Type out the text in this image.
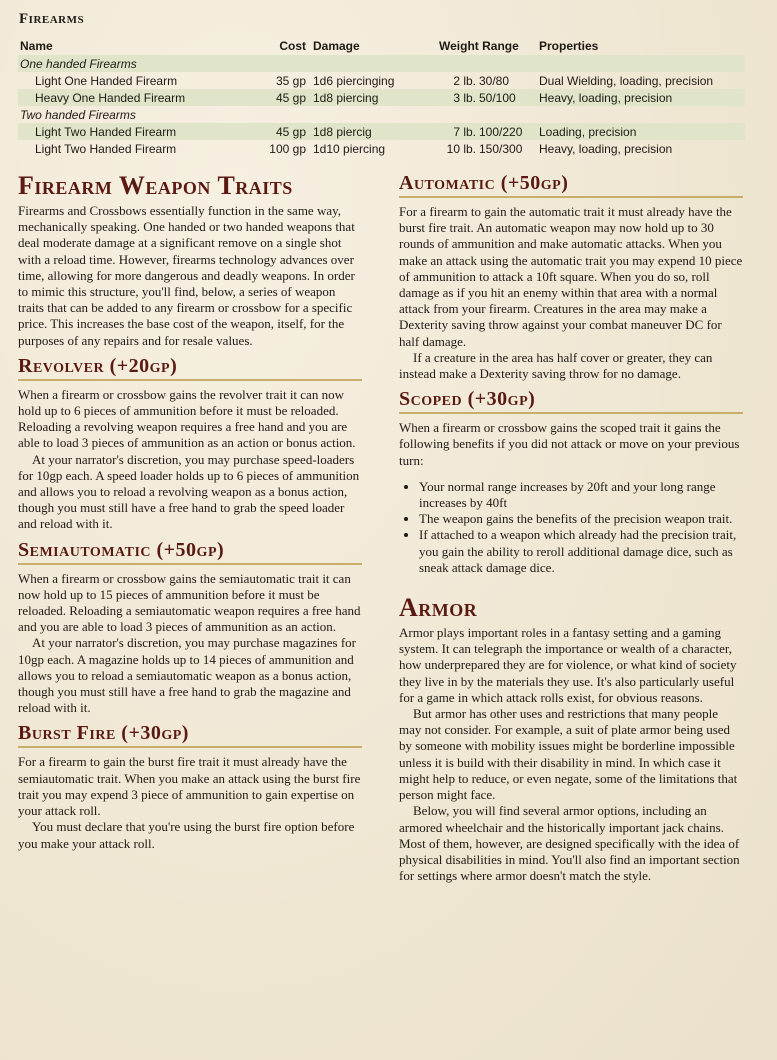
Firearms
Name	Cost	Damage	Weight Range		Properties
One handed Firearms					
Light One Handed Firearm	35 gp	1d6 piercinging	2 lb.	30/80	Dual Wielding, loading, precision
Heavy One Handed Firearm	45 gp	1d8 piercing	3 lb.	50/100	Heavy, loading, precision
Two handed Firearms					
Light Two Handed Firearm	45 gp	1d8 piercig	7 lb.	100/220	Loading, precision
Light Two Handed Firearm	100 gp	1d10 piercing	10 lb.	150/300	Heavy, loading, precision
Firearm Weapon Traits

Firearms and Crossbows essentially function in the same way, mechanically speaking. One handed or two handed weapons that deal moderate damage at a significant remove on a single shot with a reload time. However, firearms technology advances over time, allowing for more dangerous and deadly weapons. In order to mimic this structure, you'll find, below, a series of weapon traits that can be added to any firearm or crossbow for a specific price. This increases the base cost of the weapon, itself, for the purposes of any repairs and for resale values.

Revolver (+20gp)

When a firearm or crossbow gains the revolver trait it can now hold up to 6 pieces of ammunition before it must be reloaded. Reloading a revolving weapon requires a free hand and you are able to load 3 pieces of ammunition as an action or bonus action.

At your narrator's discretion, you may purchase speed-loaders for 10gp each. A speed loader holds up to 6 pieces of ammunition and allows you to reload a revolving weapon as a bonus action, though you must still have a free hand to grab the speed loader and reload with it.

Semiautomatic (+50gp)

When a firearm or crossbow gains the semiautomatic trait it can now hold up to 15 pieces of ammunition before it must be reloaded. Reloading a semiautomatic weapon requires a free hand and you are able to load 3 pieces of ammunition as an action.

At your narrator's discretion, you may purchase magazines for 10gp each. A magazine holds up to 14 pieces of ammunition and allows you to reload a semiautomatic weapon as a bonus action, though you must still have a free hand to grab the magazine and reload with it.

Burst Fire (+30gp)

For a firearm to gain the burst fire trait it must already have the semiautomatic trait. When you make an attack using the burst fire trait you may expend 3 piece of ammunition to gain expertise on your attack roll.

You must declare that you're using the burst fire option before you make your attack roll.

Automatic (+50gp)

For a firearm to gain the automatic trait it must already have the burst fire trait. An automatic weapon may now hold up to 30 rounds of ammunition and make automatic attacks. When you make an attack using the automatic trait you may expend 10 piece of ammunition to attack a 10ft square. When you do so, roll damage as if you hit an enemy within that area with a normal attack from your firearm. Creatures in the area may make a Dexterity saving throw against your combat maneuver DC for half damage.

If a creature in the area has half cover or greater, they can instead make a Dexterity saving throw for no damage.

Scoped (+30gp)

When a firearm or crossbow gains the scoped trait it gains the following benefits if you did not attack or move on your previous turn:

• Your normal range increases by 20ft and your long range increases by 40ft
• The weapon gains the benefits of the precision weapon trait.
• If attached to a weapon which already had the precision trait, you gain the ability to reroll additional damage dice, such as sneak attack damage dice.
Armor

Armor plays important roles in a fantasy setting and a gaming system. It can telegraph the importance or wealth of a character, how underprepared they are for violence, or what kind of society they live in by the materials they use. It's also particularly useful for a game in which attack rolls exist, for obvious reasons.

But armor has other uses and restrictions that many people may not consider. For example, a suit of plate armor being used by someone with mobility issues might be borderline impossible unless it is build with their disability in mind. In which case it might help to reduce, or even negate, some of the limitations that person might face.

Below, you will find several armor options, including an armored wheelchair and the historically important jack chains. Most of them, however, are designed specifically with the idea of physical disabilities in mind. You'll also find an important section for settings where armor doesn't match the style.
